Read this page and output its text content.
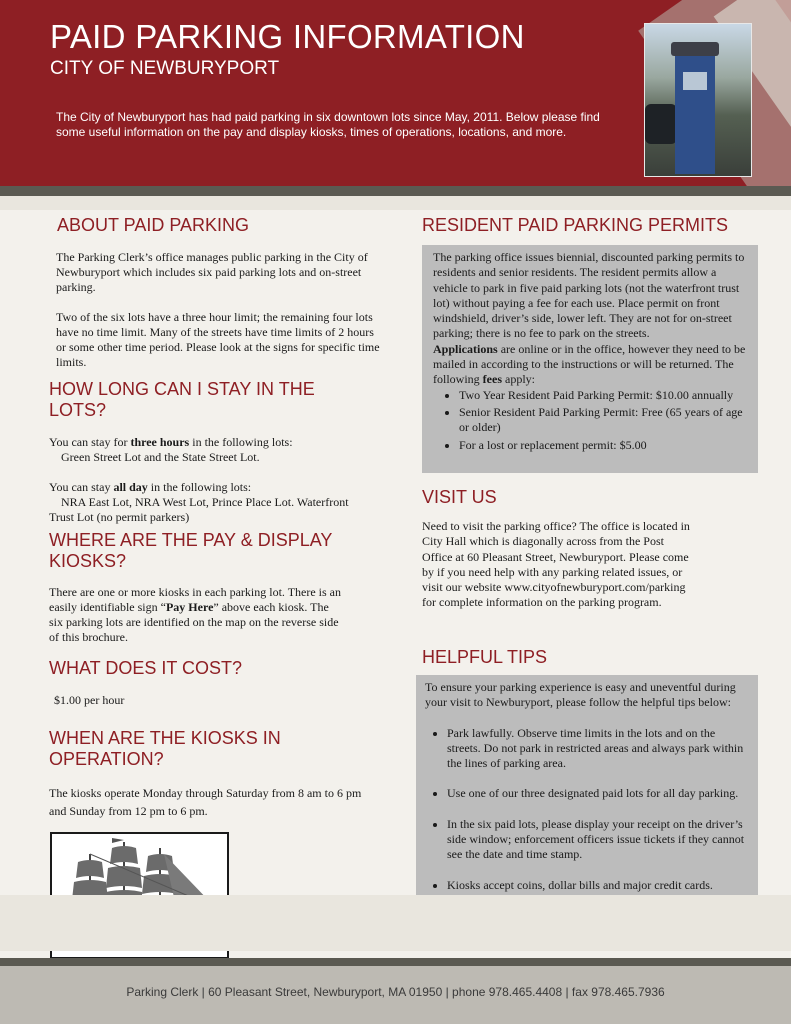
PAID PARKING INFORMATION
CITY OF NEWBURYPORT

The City of Newburyport has had paid parking in six downtown lots since May, 2011. Below please find some useful information on the pay and display kiosks, times of operations, locations, and more.

ABOUT PAID PARKING

The Parking Clerk’s office manages public parking in the City of Newburyport which includes six paid parking lots and on-street parking.

Two of the six lots have a three hour limit; the remaining four lots have no time limit. Many of the streets have time limits of 2 hours or some other time period. Please look at the signs for specific time limits.

HOW LONG CAN I STAY IN THE LOTS?

You can stay for three hours in the following lots:

Green Street Lot and the State Street Lot.

You can stay all day in the following lots:

NRA East Lot, NRA West Lot, Prince Place Lot. Waterfront

Trust Lot (no permit parkers)

WHERE ARE THE PAY & DISPLAY KIOSKS?

There are one or more kiosks in each parking lot. There is an easily identifiable sign “Pay Here” above each kiosk. The six parking lots are identified on the map on the reverse side of this brochure.

WHAT DOES IT COST?
$1.00 per hour
WHEN ARE THE KIOSKS IN OPERATION?
The kiosks operate Monday through Saturday from 8 am to 6 pm and Sunday from 12 pm to 6 pm.
RESIDENT PAID PARKING PERMITS

The parking office issues biennial, discounted parking permits to residents and senior residents. The resident permits allow a vehicle to park in five paid parking lots (not the waterfront trust lot) without paying a fee for each use. Place permit on front windshield, driver’s side, lower left. They are not for on-street parking; there is no fee to park on the streets.

Applications are online or in the office, however they need to be mailed in according to the instructions or will be returned. The following fees apply:

• Two Year Resident Paid Parking Permit: $10.00 annually
• Senior Resident Paid Parking Permit: Free (65 years of age or older)
• For a lost or replacement permit: $5.00
VISIT US
Need to visit the parking office? The office is located in City Hall which is diagonally across from the Post Office at 60 Pleasant Street, Newburyport. Please come by if you need help with any parking related issues, or visit our website www.cityofnewburyport.com/parking for complete information on the parking program.
HELPFUL TIPS

To ensure your parking experience is easy and uneventful during your visit to Newburyport, please follow the helpful tips below:

• Park lawfully. Observe time limits in the lots and on the streets. Do not park in restricted areas and always park within the lines of parking area.
• Use one of our three designated paid lots for all day parking.
• In the six paid lots, please display your receipt on the driver’s side window; enforcement officers issue tickets if they cannot see the date and time stamp.
• Kiosks accept coins, dollar bills and major credit cards.

Parking Clerk | 60 Pleasant Street, Newburyport, MA 01950 | phone 978.465.4408 | fax 978.465.7936
